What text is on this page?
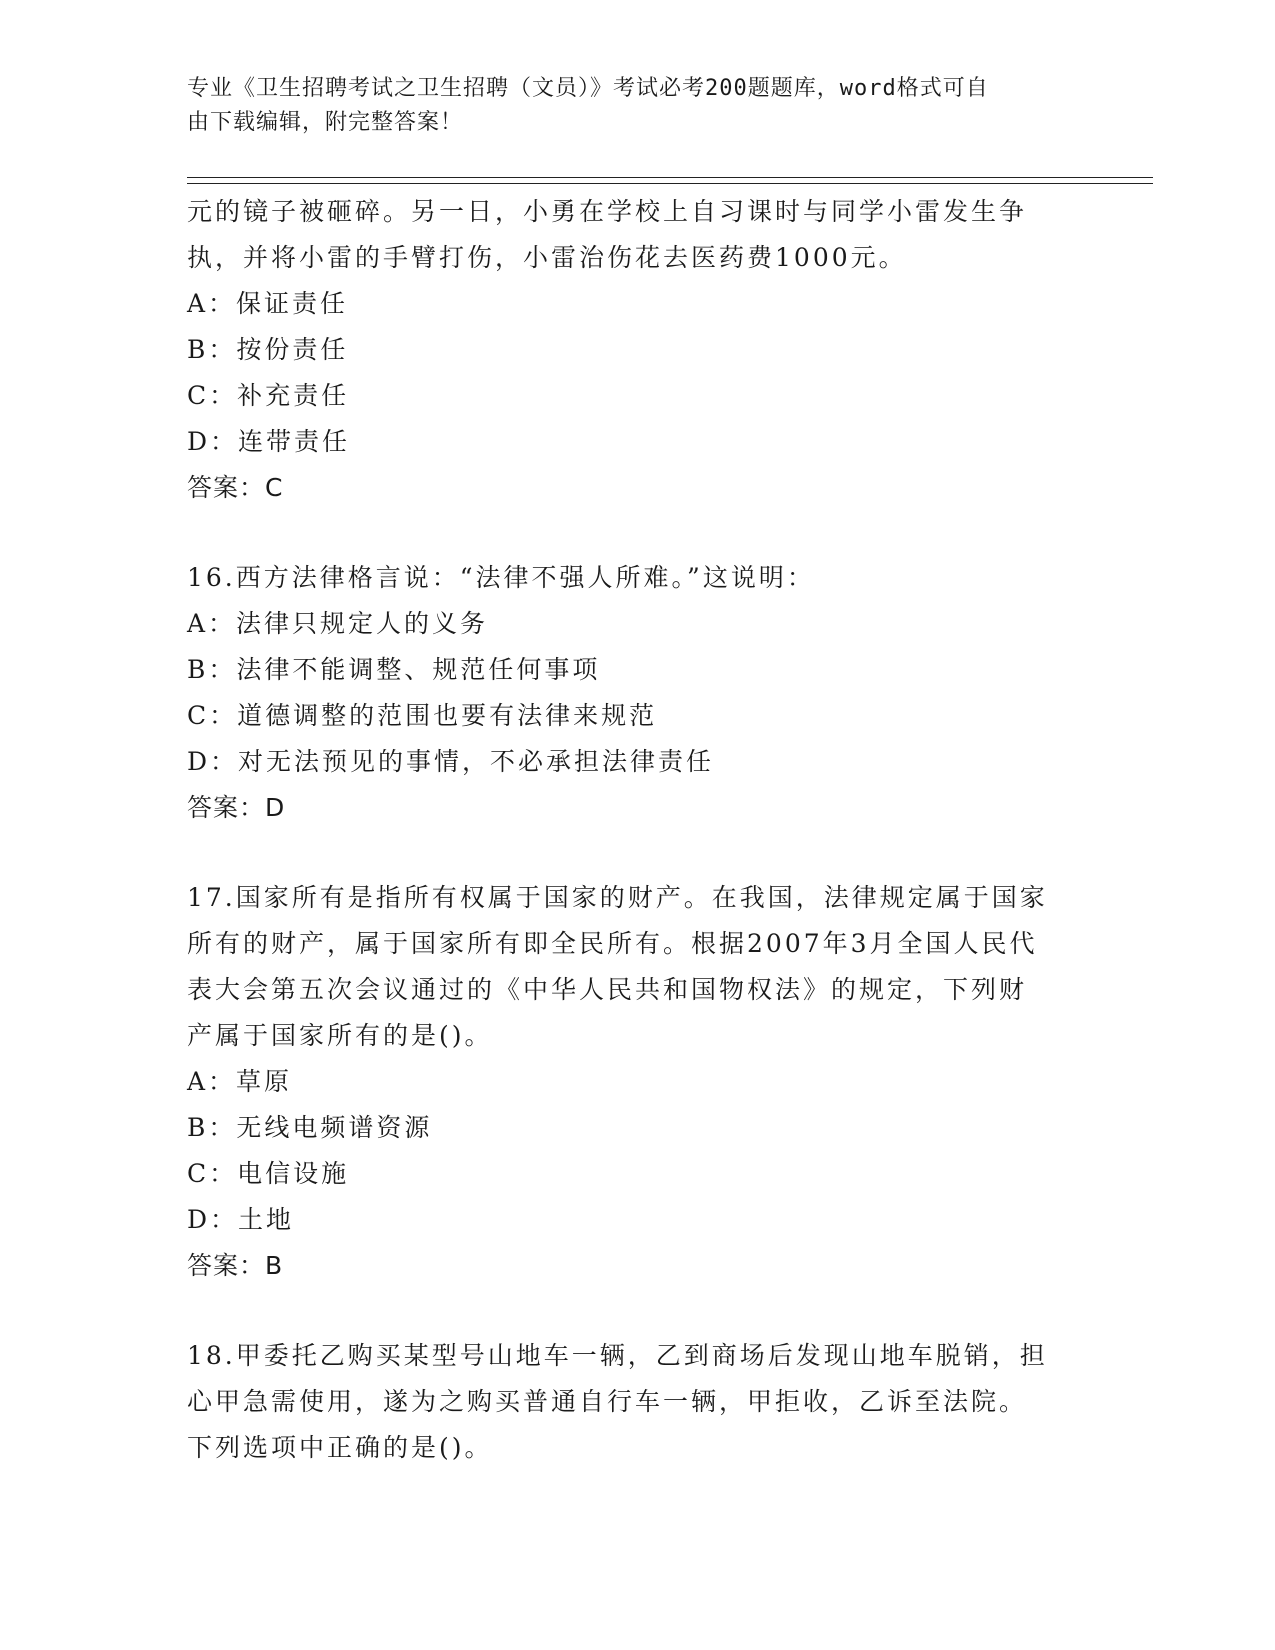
专业《卫生招聘考试之卫生招聘（文员）》考试必考200题题库，word格式可自
由下载编辑，附完整答案！
元的镜子被砸碎。另一日，小勇在学校上自习课时与同学小雷发生争
执，并将小雷的手臂打伤，小雷治伤花去医药费1000元。
A：保证责任
B：按份责任
C：补充责任
D：连带责任
答案：C
16.西方法律格言说：“法律不强人所难。”这说明：
A：法律只规定人的义务
B：法律不能调整、规范任何事项
C：道德调整的范围也要有法律来规范
D：对无法预见的事情，不必承担法律责任
答案：D
17.国家所有是指所有权属于国家的财产。在我国，法律规定属于国家
所有的财产，属于国家所有即全民所有。根据2007年3月全国人民代
表大会第五次会议通过的《中华人民共和国物权法》的规定，下列财
产属于国家所有的是()。
A：草原
B：无线电频谱资源
C：电信设施
D：土地
答案：B
18.甲委托乙购买某型号山地车一辆，乙到商场后发现山地车脱销，担
心甲急需使用，遂为之购买普通自行车一辆，甲拒收，乙诉至法院。
下列选项中正确的是()。
